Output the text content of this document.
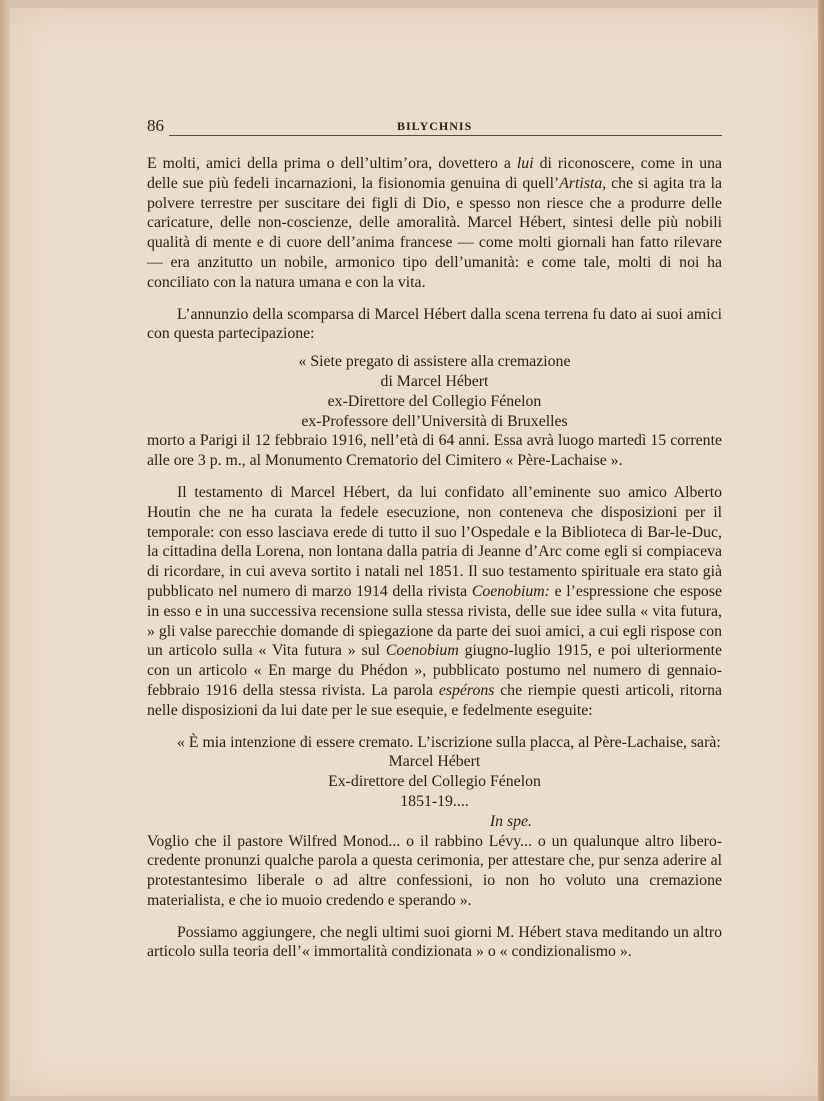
86	BILYCHNIS

E molti, amici della prima o dell’ultim’ora, dovettero a lui di riconoscere, come in una delle sue più fedeli incarnazioni, la fisionomia genuina di quell’Artista, che si agita tra la polvere terrestre per suscitare dei figli di Dio, e spesso non riesce che a produrre delle caricature, delle non-coscienze, delle amoralità. Marcel Hébert, sintesi delle più nobili qualità di mente e di cuore dell’anima francese — come molti giornali han fatto rilevare — era anzitutto un nobile, armonico tipo dell’umanità: e come tale, molti di noi ha conciliato con la natura umana e con la vita.

L’annunzio della scomparsa di Marcel Hébert dalla scena terrena fu dato ai suoi amici con questa partecipazione:

« Siete pregato di assistere alla cremazione
di Marcel Hébert
ex-Direttore del Collegio Fénelon
ex-Professore dell’Università di Bruxelles

morto a Parigi il 12 febbraio 1916, nell’età di 64 anni. Essa avrà luogo martedì 15 corrente alle ore 3 p. m., al Monumento Crematorio del Cimitero « Père-Lachaise ».

Il testamento di Marcel Hébert, da lui confidato all’eminente suo amico Alberto Houtin che ne ha curata la fedele esecuzione, non conteneva che disposizioni per il temporale: con esso lasciava erede di tutto il suo l’Ospedale e la Biblioteca di Bar-le-Duc, la cittadina della Lorena, non lontana dalla patria di Jeanne d’Arc come egli si compiaceva di ricordare, in cui aveva sortito i natali nel 1851. Il suo testamento spirituale era stato già pubblicato nel numero di marzo 1914 della rivista Coenobium: e l’espressione che espose in esso e in una successiva recensione sulla stessa rivista, delle sue idee sulla « vita futura, » gli valse parecchie domande di spiegazione da parte dei suoi amici, a cui egli rispose con un articolo sulla « Vita futura » sul Coenobium giugno-luglio 1915, e poi ulteriormente con un articolo « En marge du Phédon », pubblicato postumo nel numero di gennaio-febbraio 1916 della stessa rivista. La parola espérons che riempie questi articoli, ritorna nelle disposizioni da lui date per le sue esequie, e fedelmente eseguite:

« È mia intenzione di essere cremato. L’iscrizione sulla placca, al Père-Lachaise, sarà:

Marcel Hébert
Ex-direttore del Collegio Fénelon
1851-19....
In spe.

Voglio che il pastore Wilfred Monod... o il rabbino Lévy... o un qualunque altro libero-credente pronunzi qualche parola a questa cerimonia, per attestare che, pur senza aderire al protestantesimo liberale o ad altre confessioni, io non ho voluto una cremazione materialista, e che io muoio credendo e sperando ».

Possiamo aggiungere, che negli ultimi suoi giorni M. Hébert stava meditando un altro articolo sulla teoria dell’« immortalità condizionata » o « condizionalismo ».
